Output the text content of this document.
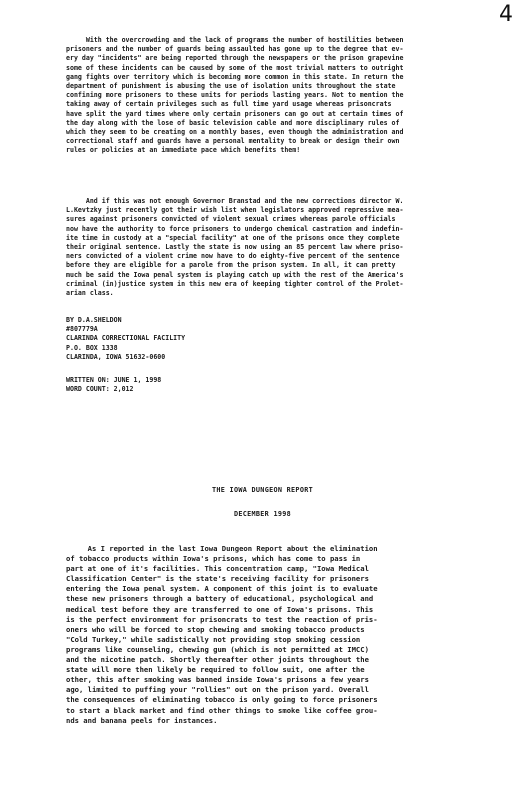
4
With the overcrowding and the lack of programs the number of hostilities between
prisoners and the number of guards being assaulted has gone up to the degree that ev-
ery day "incidents" are being reported through the newspapers or the prison grapevine
some of these incidents can be caused by some of the most trivial matters to outright
gang fights over territory which is becoming more common in this state. In return the
department of punishment is abusing the use of isolation units throughout the state
confining more prisoners to these units for periods lasting years. Not to mention the
taking away of certain privileges such as full time yard usage whereas prisoncrats
have split the yard times where only certain prisoners can go out at certain times of
the day along with the lose of basic television cable and more disciplinary rules of
which they seem to be creating on a monthly bases, even though the administration and
correctional staff and guards have a personal mentality to break or design their own
rules or policies at an immediate pace which benefits them!
And if this was not enough Governor Branstad and the new corrections director W.
L.Kevtzky just recently got their wish list when legislators approved repressive mea-
sures against prisoners convicted of violent sexual crimes whereas parole officials
now have the authority to force prisoners to undergo chemical castration and indefin-
ite time in custody at a "special facility" at one of the prisons once they complete
their original sentence. Lastly the state is now using an 85 percent law where priso-
ners convicted of a violent crime now have to do eighty-five percent of the sentence
before they are eligible for a parole from the prison system. In all, it can pretty
much be said the Iowa penal system is playing catch up with the rest of the America's
criminal (in)justice system in this new era of keeping tighter control of the Prolet-
arian class.
BY D.A.SHELDON
#807779A
CLARINDA CORRECTIONAL FACILITY
P.O. BOX 1338
CLARINDA, IOWA 51632-0600
WRITTEN ON: JUNE 1, 1998
WORD COUNT: 2,012
THE IOWA DUNGEON REPORT
DECEMBER 1998
As I reported in the last Iowa Dungeon Report about the elimination
of tobacco products within Iowa's prisons, which has come to pass in
part at one of it's facilities. This concentration camp, "Iowa Medical
Classification Center" is the state's receiving facility for prisoners
entering the Iowa penal system. A component of this joint is to evaluate
these new prisoners through a battery of educational, psychological and
medical test before they are transferred to one of Iowa's prisons. This
is the perfect environment for prisoncrats to test the reaction of pris-
oners who will be forced to stop chewing and smoking tobacco products
"Cold Turkey," while sadistically not providing stop smoking cession
programs like counseling, chewing gum (which is not permitted at IMCC)
and the nicotine patch. Shortly thereafter other joints throughout the
state will more then likely be required to follow suit, one after the
other, this after smoking was banned inside Iowa's prisons a few years
ago, limited to puffing your "rollies" out on the prison yard. Overall
the consequences of eliminating tobacco is only going to force prisoners
to start a black market and find other things to smoke like coffee grou-
nds and banana peels for instances.
